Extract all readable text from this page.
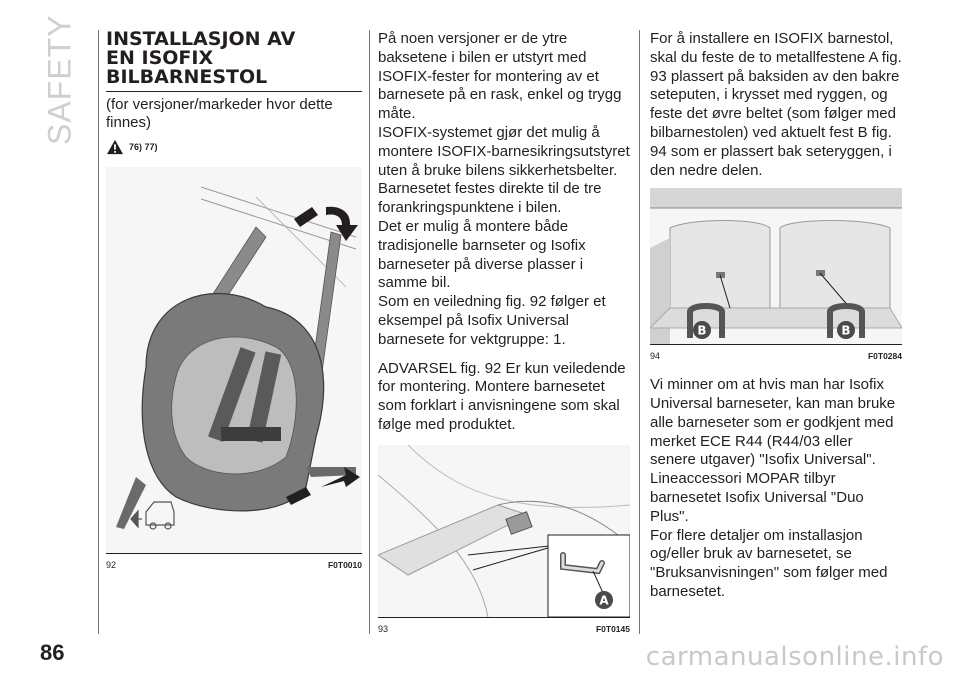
SAFETY
86
INSTALLASJON AV
EN ISOFIX
BILBARNESTOL
(for versjoner/markeder hvor dette finnes)
76) 77)
92	F0T0010

På noen versjoner er de ytre baksetene i bilen er utstyrt med ISOFIX-fester for montering av et barnesete på en rask, enkel og trygg måte.

ISOFIX-systemet gjør det mulig å montere ISOFIX-barnesikringsutstyret uten å bruke bilens sikkerhetsbelter.

Barnesetet festes direkte til de tre forankringspunktene i bilen.

Det er mulig å montere både tradisjonelle barnseter og Isofix barneseter på diverse plasser i samme bil.

Som en veiledning fig. 92 følger et eksempel på Isofix Universal barnesete for vektgruppe: 1.

ADVARSEL fig. 92 Er kun veiledende for montering. Montere barnesetet som forklart i anvisningene som skal følge med produktet.

A
93	F0T0145

For å installere en ISOFIX barnestol, skal du feste de to metallfestene A fig. 93 plassert på baksiden av den bakre seteputen, i krysset med ryggen, og feste det øvre beltet (som følger med bilbarnestolen) ved aktuelt fest B fig. 94 som er plassert bak seteryggen, i den nedre delen.

B	B
94	F0T0284

Vi minner om at hvis man har Isofix Universal barneseter, kan man bruke alle barneseter som er godkjent med merket ECE R44 (R44/03 eller senere utgaver) "Isofix Universal".

Lineaccessori MOPAR tilbyr barnesetet Isofix Universal "Duo Plus".

For flere detaljer om installasjon og/eller bruk av barnesetet, se "Bruksanvisningen" som følger med barnesetet.

carmanualsonline.info
